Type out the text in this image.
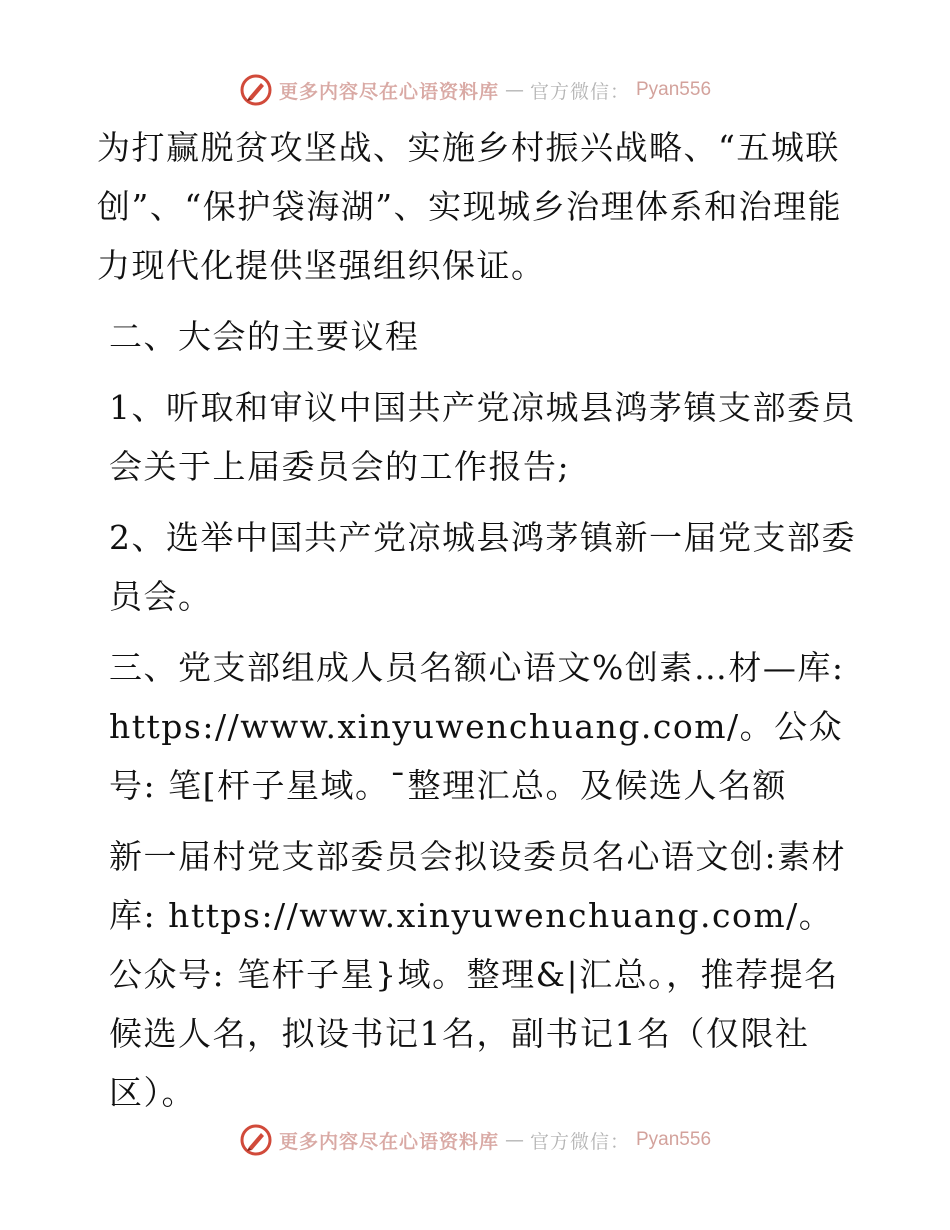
更多内容尽在心语资料库 — 官方微信： Pyan556

为打赢脱贫攻坚战、实施乡村振兴战略、“五城联创”、“保护袋海湖”、实现城乡治理体系和治理能力现代化提供坚强组织保证。

二、大会的主要议程

1、听取和审议中国共产党凉城县鸿茅镇支部委员会关于上届委员会的工作报告;

2、选举中国共产党凉城县鸿茅镇新一届党支部委员会。

三、党支部组成人员名额心语文%创素…材—库: https://www.xinyuwenchuang.com/。公众号: 笔[杆子星域。¯整理汇总。及候选人名额

新一届村党支部委员会拟设委员名心语文创:素材库: https://www.xinyuwenchuang.com/。公众号: 笔杆子星}域。整理&|汇总。，推荐提名候选人名，拟设书记1名，副书记1名（仅限社区）。

更多内容尽在心语资料库 — 官方微信： Pyan556
